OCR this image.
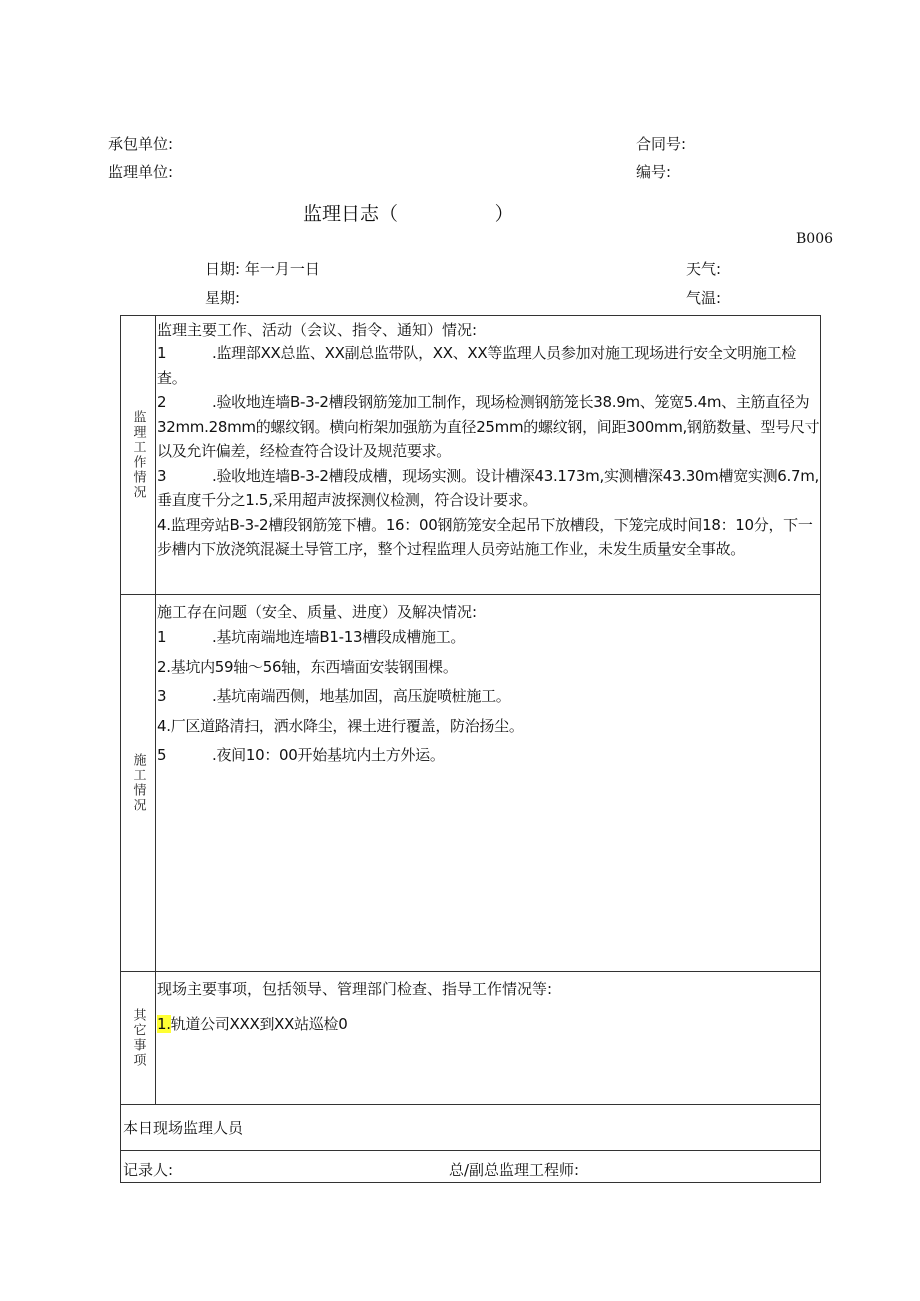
承包单位:	合同号:
监理单位:	编号:
监理日志（                ）
B006
日期: 年一月一日	天气:
星期:	气温:
监理工作情况
监理主要工作、活动（会议、指令、通知）情况:
1	.监理部XX总监、XX副总监带队，XX、XX等监理人员参加对施工现场进行安全文明施工检查。
2	.验收地连墙B-3-2槽段钢筋笼加工制作，现场检测钢筋笼长38.9m、笼宽5.4m、主筋直径为32mm.28mm的螺纹钢。横向桁架加强筋为直径25mm的螺纹钢，间距300mm,钢筋数量、型号尺寸以及允许偏差，经检查符合设计及规范要求。
3	.验收地连墙B-3-2槽段成槽，现场实测。设计槽深43.173m,实测槽深43.30m槽宽实测6.7m,垂直度千分之1.5,采用超声波探测仪检测，符合设计要求。
4.监理旁站B-3-2槽段钢筋笼下槽。16：00钢筋笼安全起吊下放槽段，下笼完成时间18：10分，下一步槽内下放浇筑混凝土导管工序，整个过程监理人员旁站施工作业，未发生质量安全事故。
施工情况
施工存在问题（安全、质量、进度）及解决情况:
1	.基坑南端地连墙B1-13槽段成槽施工。
2.基坑内59轴〜56轴，东西墙面安装钢围棵。
3	.基坑南端西侧，地基加固，高压旋喷桩施工。
4.厂区道路清扫，洒水降尘，裸土进行覆盖，防治扬尘。
5	.夜间10：00开始基坑内土方外运。
其它事项
现场主要事项，包括领导、管理部门检查、指导工作情况等:
1.轨道公司XXX到XX站巡检0
本日现场监理人员
记录人:	总/副总监理工程师:
